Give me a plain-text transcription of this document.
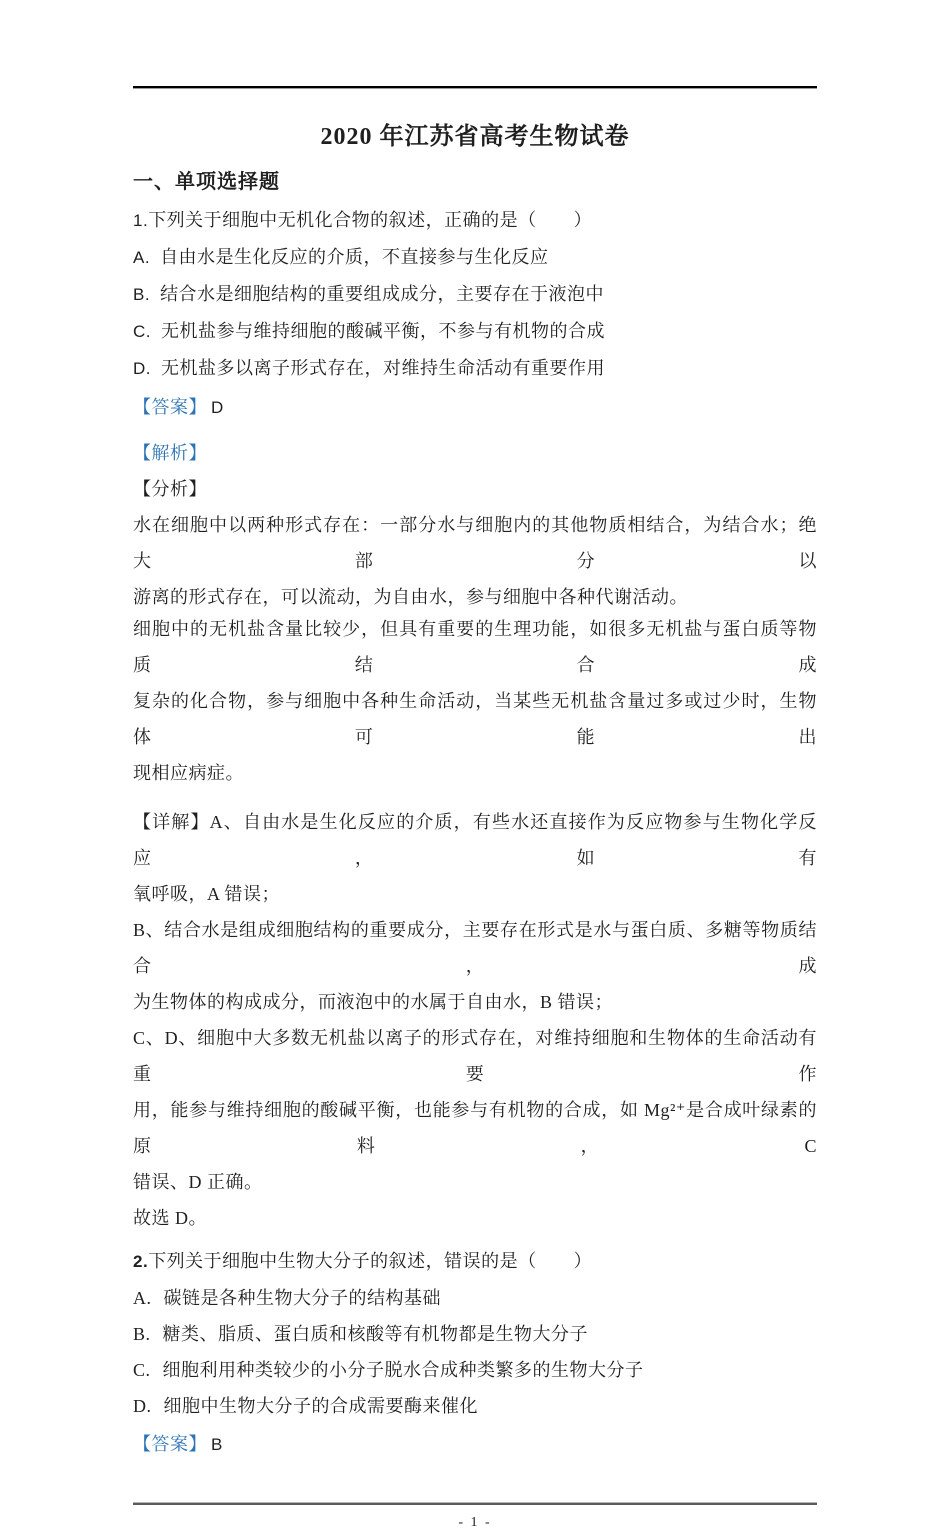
2020 年江苏省高考生物试卷
一、单项选择题
1.下列关于细胞中无机化合物的叙述，正确的是（　　）
A. 自由水是生化反应的介质，不直接参与生化反应
B. 结合水是细胞结构的重要组成成分，主要存在于液泡中
C. 无机盐参与维持细胞的酸碱平衡，不参与有机物的合成
D. 无机盐多以离子形式存在，对维持生命活动有重要作用
【答案】 D
【解析】
【分析】
水在细胞中以两种形式存在：一部分水与细胞内的其他物质相结合，为结合水；绝大部分以
游离的形式存在，可以流动，为自由水，参与细胞中各种代谢活动。
细胞中的无机盐含量比较少，但具有重要的生理功能，如很多无机盐与蛋白质等物质结合成
复杂的化合物，参与细胞中各种生命活动，当某些无机盐含量过多或过少时，生物体可能出
现相应病症。
【详解】A、自由水是生化反应的介质，有些水还直接作为反应物参与生物化学反应，如有
氧呼吸，A 错误；
B、结合水是组成细胞结构的重要成分，主要存在形式是水与蛋白质、多糖等物质结合，成
为生物体的构成成分，而液泡中的水属于自由水，B 错误；
C、D、细胞中大多数无机盐以离子的形式存在，对维持细胞和生物体的生命活动有重要作
用，能参与维持细胞的酸碱平衡，也能参与有机物的合成，如 Mg²⁺是合成叶绿素的原料，C
错误、D 正确。
故选 D。
2.下列关于细胞中生物大分子的叙述，错误的是（　　）
A. 碳链是各种生物大分子的结构基础
B. 糖类、脂质、蛋白质和核酸等有机物都是生物大分子
C. 细胞利用种类较少的小分子脱水合成种类繁多的生物大分子
D. 细胞中生物大分子的合成需要酶来催化
【答案】 B
- 1 -
